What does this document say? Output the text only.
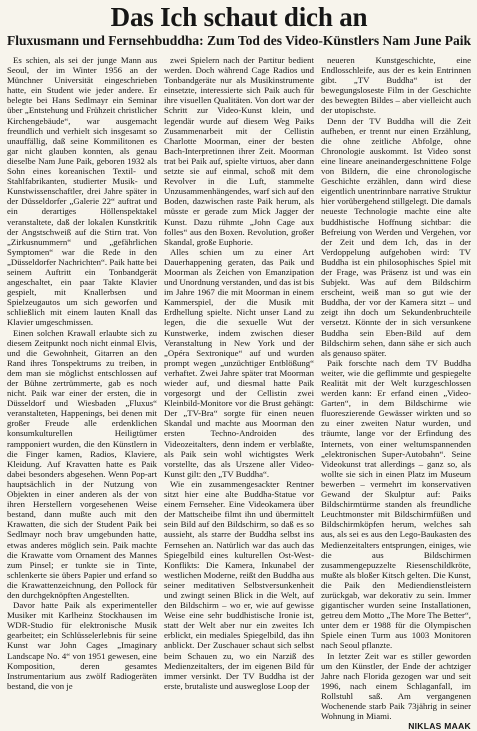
Das Ich schaut dich an
Fluxusmann und Fernsehbuddha: Zum Tod des Video-Künstlers Nam June Paik

Es schien, als sei der junge Mann aus Seoul, der im Winter 1956 an der Münchner Universität eingeschrieben hatte, ein Student wie jeder andere. Er belegte bei Hans Sedlmayr ein Seminar über „Entstehung und Frühzeit christlicher Kirchengebäude“, war ausgemacht freundlich und verhielt sich insgesamt so unauffällig, daß seine Kommilitonen es gar nicht glauben konnten, als genau dieselbe Nam June Paik, geboren 1932 als Sohn eines koreanischen Textil- und Stahlfabrikanten, studierter Musik- und Kunstwissenschaftler, drei Jahre später in der Düsseldorfer „Galerie 22“ auftrat und ein derartiges Höllenspektakel veranstaltete, daß der lokalen Kunstkritik der Angstschweiß auf die Stirn trat. Von „Zirkusnummern“ und „gefährlichen Symptomen“ war die Rede in den „Düsseldorfer Nachrichten“. Paik hatte bei seinem Auftritt ein Tonbandgerät angeschaltet, ein paar Takte Klavier gespielt, mit Knallerbsen und Spielzeugautos um sich geworfen und schließlich mit einem lauten Knall das Klavier umgeschmissen.

Einen solchen Krawall erlaubte sich zu diesem Zeitpunkt noch nicht einmal Elvis, und die Gewohnheit, Gitarren an den Rand ihres Tonspektrums zu treiben, in dem man sie möglichst entschlossen auf der Bühne zertrümmerte, gab es noch nicht. Paik war einer der ersten, die in Düsseldorf und Wiesbaden „Fluxus“ veranstalteten, Happenings, bei denen mit großer Freude alle erdenklichen konsumkulturellen Heiligtümer rampponiert wurden, die den Künstlern in die Finger kamen, Radios, Klaviere, Kleidung. Auf Kravatten hatte es Paik dabei besonders abgesehen. Wenn Pop-art hauptsächlich in der Nutzung von Objekten in einer anderen als der von ihren Herstellern vorgesehenen Weise bestand, dann mußte auch mit den Krawatten, die sich der Student Paik bei Sedlmayr noch brav umgebunden hatte, etwas anderes möglich sein. Paik machte die Krawatte vom Ornament des Mannes zum Pinsel; er tunkte sie in Tinte, schlenkerte sie übers Papier und erfand so die Krawattenzeichnung, den Pollock für den durchgeknöpften Angestellten.

Davor hatte Paik als experimenteller Musiker mit Karlheinz Stockhausen im WDR-Studio für elektronische Musik gearbeitet; ein Schlüsselerlebnis für seine Kunst war John Cages „Imaginary Landscape No. 4“ von 1951 gewesen, eine Komposition, deren gesamtes Instrumentarium aus zwölf Radiogeräten bestand, die von je

zwei Spielern nach der Partitur bedient werden. Doch während Cage Radios und Tonbandgeräte nur als Musikinstrumente einsetzte, interessierte sich Paik auch für ihre visuellen Qualitäten. Von dort war der Schritt zur Video-Kunst klein, und legendär wurde auf diesem Weg Paiks Zusammenarbeit mit der Cellistin Charlotte Moorman, einer der besten Bach-Interpretinnen ihrer Zeit. Moorman trat bei Paik auf, spielte virtuos, aber dann setzte sie auf einmal, schoß mit dem Revolver in die Luft, stammelte Unzusammenhängendes, warf sich auf den Boden, dazwischen raste Paik herum, als müsste er gerade zum Mick Jagger der Kunst. Dazu rühmte „John Cage aux folles“ aus den Boxen. Revolution, großer Skandal, große Euphorie.

Alles schien um zu einer Art Dauerhappening geraten, das Paik und Moorman als Zeichen von Emanzipation und Unordnung verstanden, und das ist bis im Jahre 1967 die mit Moorman in einem Kammerspiel, der die Musik mit Erdhellung spielte. Nicht unser Land zu legen, die die sexuelle Wut der Kunstwerke, indem zwischen dieser Veranstaltung in New York und der „Opéra Sextronique“ auf und wurden prompt wegen „unzüchtiger Entblößung“ verhaftet. Zwei Jahre später trat Moorman wieder auf, und diesmal hatte Paik vorgesorgt und der Cellistin zwei Kleinbild-Monitore vor die Brust gehängt: Der „TV-Bra“ sorgte für einen neuen Skandal und machte aus Moorman den ersten Techno-Androiden des Videozeitalters, denn indem er verblaßte, als Paik sein wohl wichtigstes Werk vorstellte, das als Urszene aller Video-Kunst gilt: den „TV Buddha“.

Wie ein zusammengesackter Rentner sitzt hier eine alte Buddha-Statue vor einem Fernseher. Eine Videokamera über der Mattscheibe filmt ihn und übermittelt sein Bild auf den Bildschirm, so daß es so aussieht, als starre der Buddha selbst ins Fernsehen an. Natürlich war das auch das Spiegelbild eines kulturellen Ost-West-Konflikts: Die Kamera, Inkunabel der westlichen Moderne, reißt den Buddha aus seiner meditativen Selbstversunkenheit und zwingt seinen Blick in die Welt, auf den Bildschirm – wo er, wie auf gewisse Weise eine sehr buddhistische Ironie ist, statt der Welt aber nur ein zweites Ich erblickt, ein mediales Spiegelbild, das ihn anblickt. Der Zuschauer schaut sich selbst beim Schauen zu, wo ein Narziß des Medienzeitalters, der im eigenen Bild für immer versinkt. Der TV Buddha ist der erste, brutaliste und ausweglose Loop der

neueren Kunstgeschichte, eine Endlosschleife, aus der es kein Entrinnen gibt. „TV Buddha“ ist der bewegungsloseste Film in der Geschichte des bewegten Bildes – aber vielleicht auch der utopischste.

Denn der TV Buddha will die Zeit aufheben, er trennt nur einen Erzählung, die ohne zeitliche Abfolge, ohne Chronologie auskommt. Ist Video sonst eine lineare aneinandergeschnittene Folge von Bildern, die eine chronologische Geschichte erzählen, dann wird diese eigentlich unentrinnbare narrative Struktur hier vorübergehend stillgelegt. Die damals neueste Technologie machte eine alte buddhistische Hoffnung sichtbar: die Befreiung von Werden und Vergehen, vor der Zeit und dem Ich, das in der Verdoppelung aufgehoben wird: TV Buddha ist ein philosophisches Spiel mit der Frage, was Präsenz ist und was ein Subjekt. Was auf dem Bildschirm erscheint, weiß man so gut wie der Buddha, der vor der Kamera sitzt – und zeigt ihn doch um Sekundenbruchteile versetzt. Könnte der in sich versunkene Buddha sein Eben-Bild auf dem Bildschirm sehen, dann sähe er sich auch als genauso später.

Paik forschte nach dem TV Buddha weiter, wie die geflimmte und gespiegelte Realität mit der Welt kurzgeschlossen werden kann: Er erfand einen „Video-Garten“, in dem Bildschirme wie fluoreszierende Gewässer wirkten und so zu einer zweiten Natur wurden, und träumte, lange vor der Erfindung des Internets, von einer weltumspannenden „elektronischen Super-Autobahn“. Seine Videokunst trat allerdings – ganz so, als wollte sie sich in einen Platz im Museum bewerben – vermehrt im konservativen Gewand der Skulptur auf: Paiks Bildschirmtürme standen als freundliche Leuchtmonster mit Bildschirmfüßen und Bildschirmköpfen herum, welches sah aus, als sei es aus den Lego-Baukasten des Medienzeitalters entsprungen, einiges, wie die aus Bildschirmen zusammengepuzzelte Riesenschildkröte, mußte als bloßer Kitsch gelten. Die Kunst, die Paik den Mediendienstleistern zurückgab, war dekorativ zu sein. Immer gigantischer wurden seine Installationen, getreu dem Motto „The More The Better“, unter dem er 1988 für die Olympischen Spiele einen Turm aus 1003 Monitoren nach Seoul pflanzte.

In letzter Zeit war es stiller geworden um den Künstler, der Ende der achtziger Jahre nach Florida gezogen war und seit 1996, nach einem Schlaganfall, im Rollstuhl saß. Am vergangenen Wochenende starb Paik 73jährig in seiner Wohnung in Miami.

NIKLAS MAAK
